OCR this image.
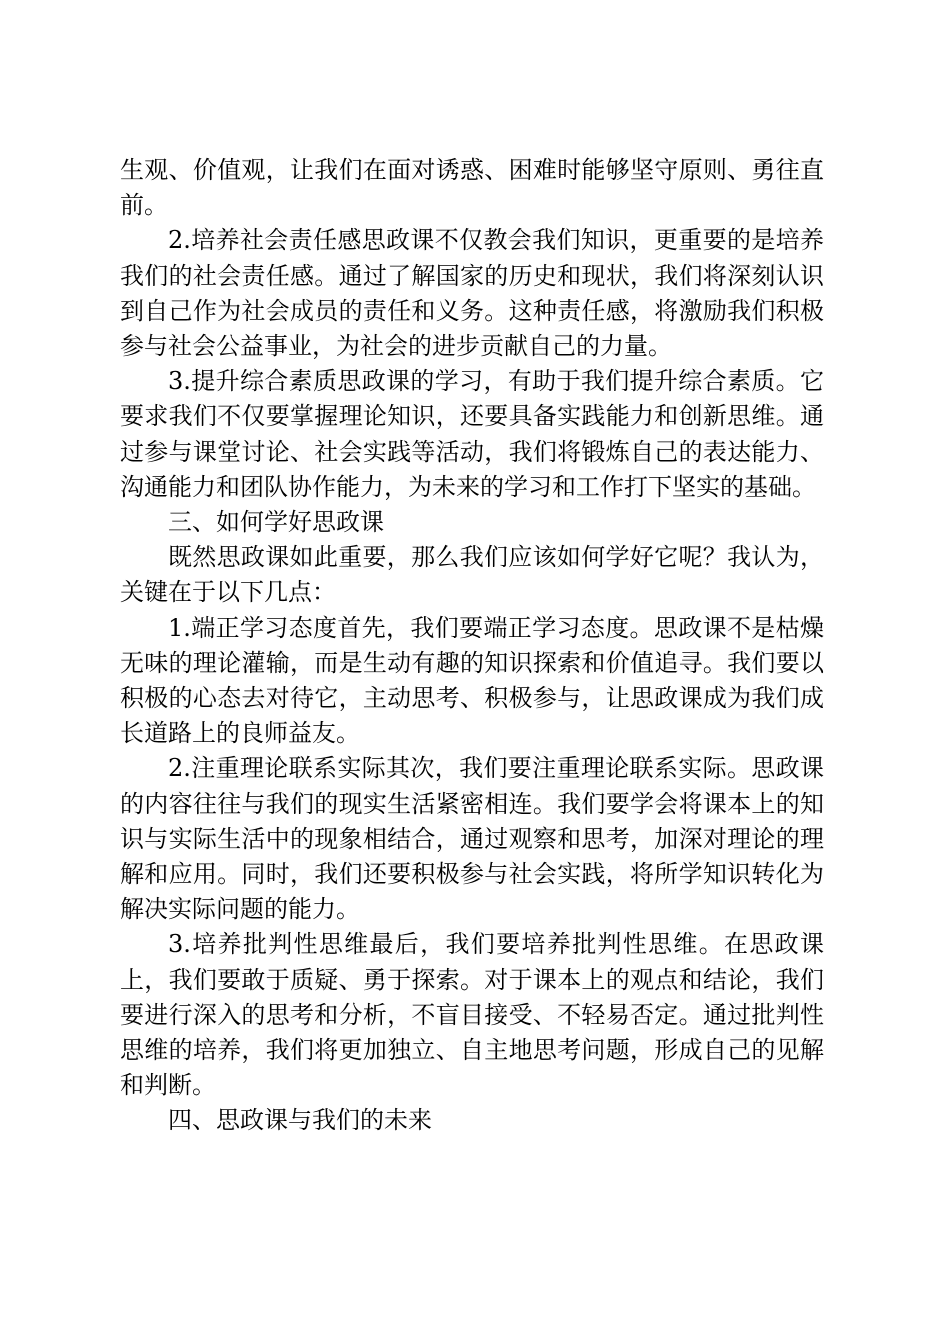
生观、价值观，让我们在面对诱惑、困难时能够坚守原则、勇往直前。

2.培养社会责任感思政课不仅教会我们知识，更重要的是培养我们的社会责任感。通过了解国家的历史和现状，我们将深刻认识到自己作为社会成员的责任和义务。这种责任感，将激励我们积极参与社会公益事业，为社会的进步贡献自己的力量。

3.提升综合素质思政课的学习，有助于我们提升综合素质。它要求我们不仅要掌握理论知识，还要具备实践能力和创新思维。通过参与课堂讨论、社会实践等活动，我们将锻炼自己的表达能力、沟通能力和团队协作能力，为未来的学习和工作打下坚实的基础。

三、如何学好思政课

既然思政课如此重要，那么我们应该如何学好它呢？我认为，关键在于以下几点：

1.端正学习态度首先，我们要端正学习态度。思政课不是枯燥无味的理论灌输，而是生动有趣的知识探索和价值追寻。我们要以积极的心态去对待它，主动思考、积极参与，让思政课成为我们成长道路上的良师益友。

2.注重理论联系实际其次，我们要注重理论联系实际。思政课的内容往往与我们的现实生活紧密相连。我们要学会将课本上的知识与实际生活中的现象相结合，通过观察和思考，加深对理论的理解和应用。同时，我们还要积极参与社会实践，将所学知识转化为解决实际问题的能力。

3.培养批判性思维最后，我们要培养批判性思维。在思政课上，我们要敢于质疑、勇于探索。对于课本上的观点和结论，我们要进行深入的思考和分析，不盲目接受、不轻易否定。通过批判性思维的培养，我们将更加独立、自主地思考问题，形成自己的见解和判断。

四、思政课与我们的未来
